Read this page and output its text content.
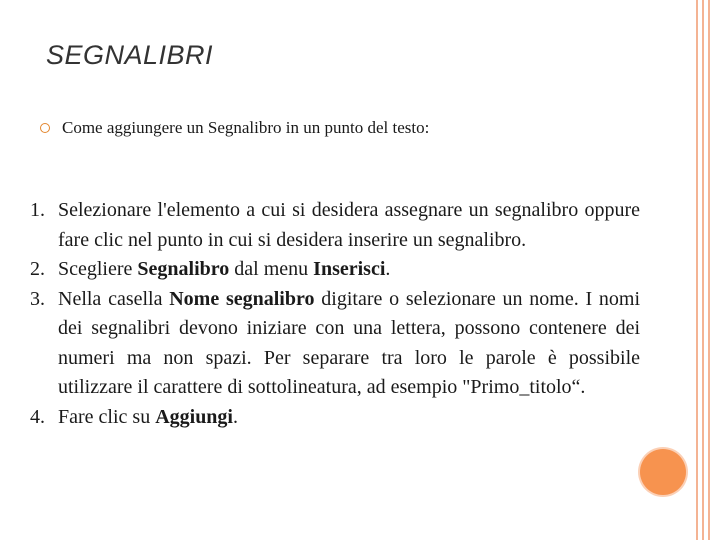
SEGNALIBRI
Come aggiungere un Segnalibro in un punto del testo:
1. Selezionare l'elemento a cui si desidera assegnare un segnalibro oppure fare clic nel punto in cui si desidera inserire un segnalibro.
2. Scegliere Segnalibro dal menu Inserisci.
3. Nella casella Nome segnalibro digitare o selezionare un nome. I nomi dei segnalibri devono iniziare con una lettera, possono contenere dei numeri ma non spazi. Per separare tra loro le parole è possibile utilizzare il carattere di sottolineatura, ad esempio "Primo_titolo“.
4. Fare clic su Aggiungi.
